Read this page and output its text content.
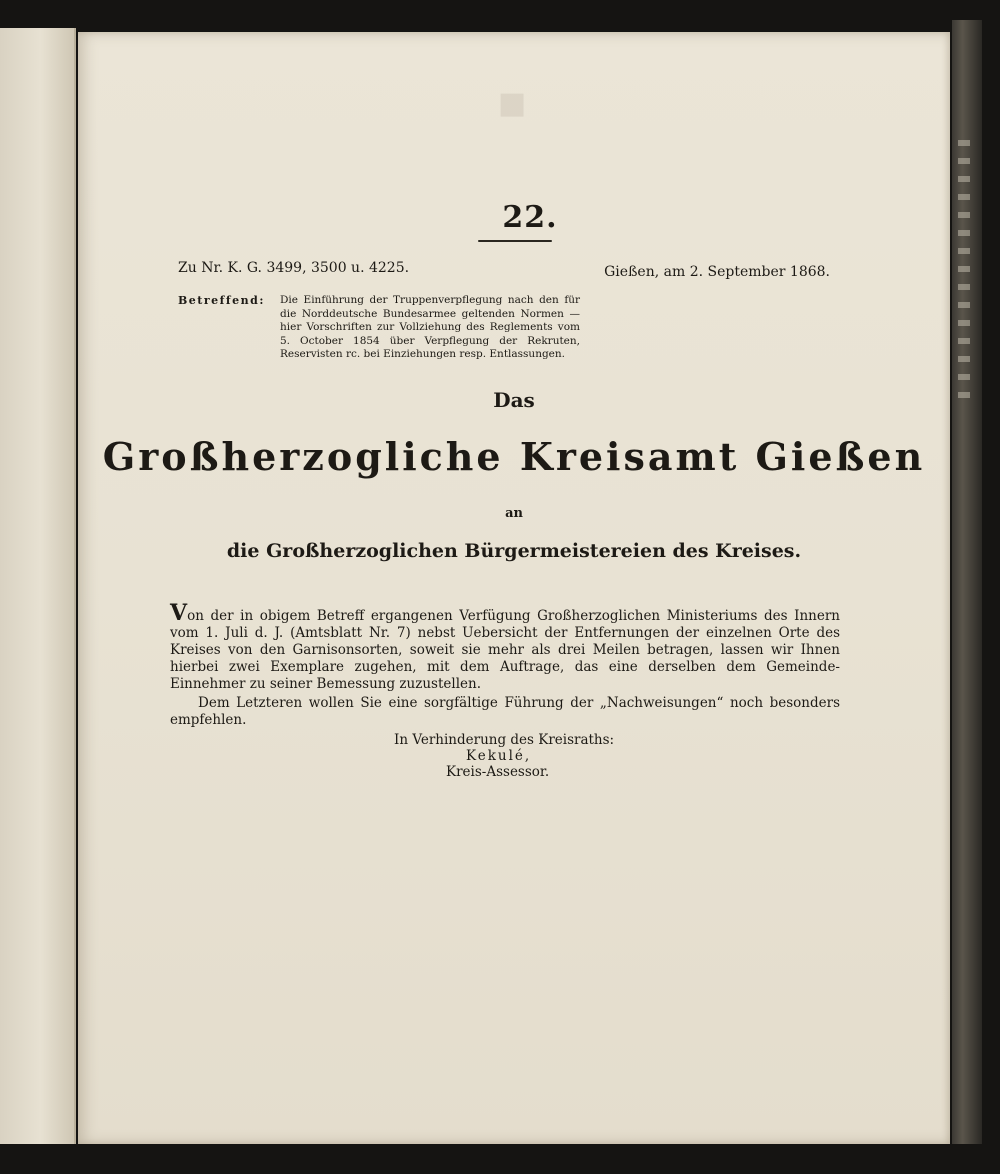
■
22.
Zu Nr. K. G. 3499, 3500 u. 4225.	Gießen, am 2. September 1868.
Betreffend: Die Einführung der Truppenverpflegung nach den für die Norddeutsche Bundesarmee geltenden Normen — hier Vorschriften zur Vollziehung des Reglements vom 5. October 1854 über Verpflegung der Rekruten, Reservisten rc. bei Einziehungen resp. Entlassungen.
Das
Großherzogliche Kreisamt Gießen
an
die Großherzoglichen Bürgermeistereien des Kreises.

Von der in obigem Betreff ergangenen Verfügung Großherzoglichen Ministeriums des Innern vom 1. Juli d. J. (Amtsblatt Nr. 7) nebst Uebersicht der Entfernungen der einzelnen Orte des Kreises von den Garnisonsorten, soweit sie mehr als drei Meilen betragen, lassen wir Ihnen hierbei zwei Exemplare zugehen, mit dem Auftrage, das eine derselben dem Gemeinde-Einnehmer zu seiner Bemessung zuzustellen.

Dem Letzteren wollen Sie eine sorgfältige Führung der „Nachweisungen“ noch besonders empfehlen.

In Verhinderung des Kreisraths:
Kekulé,
Kreis-Assessor.
